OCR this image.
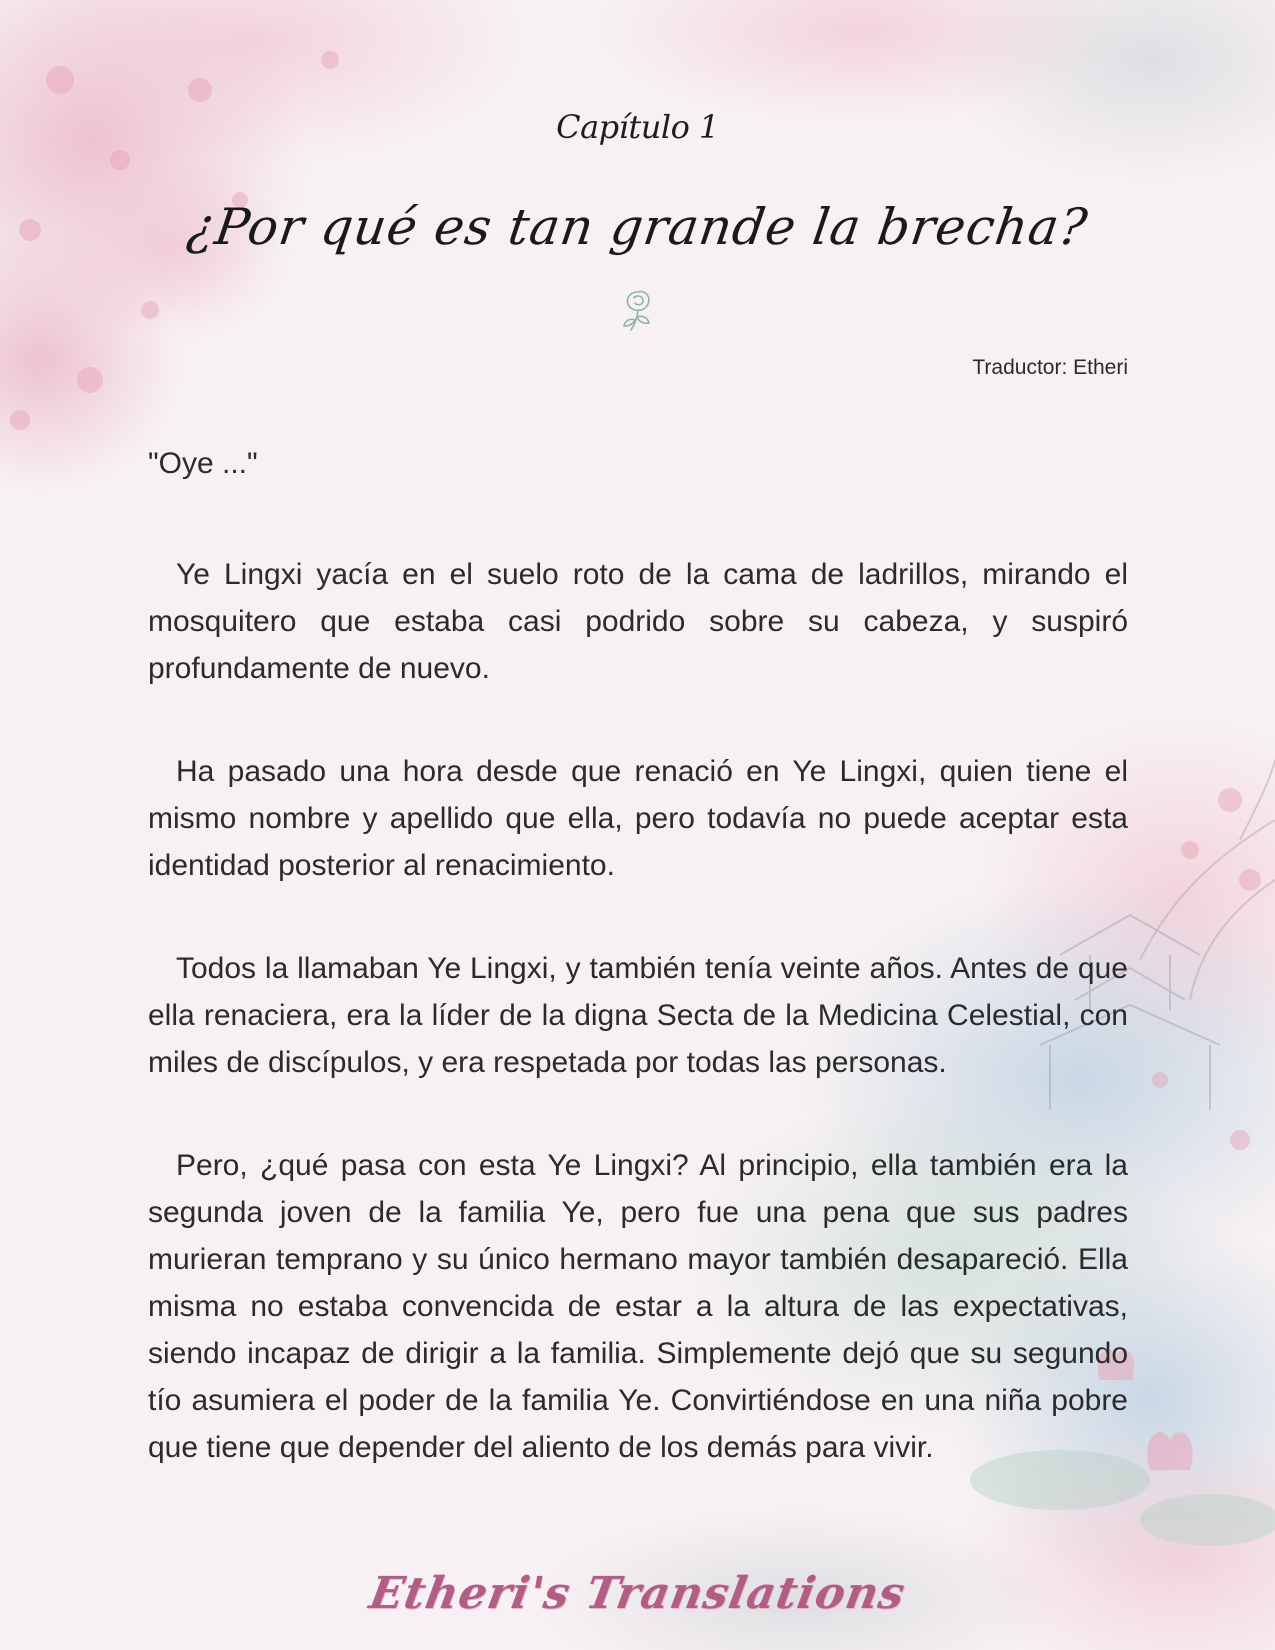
Capítulo 1
¿Por qué es tan grande la brecha?
Traductor: Etheri

"Oye ..."

Ye Lingxi yacía en el suelo roto de la cama de ladrillos, mirando el mosquitero que estaba casi podrido sobre su cabeza, y suspiró profundamente de nuevo.

Ha pasado una hora desde que renació en Ye Lingxi, quien tiene el mismo nombre y apellido que ella, pero todavía no puede aceptar esta identidad posterior al renacimiento.

Todos la llamaban Ye Lingxi, y también tenía veinte años. Antes de que ella renaciera, era la líder de la digna Secta de la Medicina Celestial, con miles de discípulos, y era respetada por todas las personas.

Pero, ¿qué pasa con esta Ye Lingxi? Al principio, ella también era la segunda joven de la familia Ye, pero fue una pena que sus padres murieran temprano y su único hermano mayor también desapareció. Ella misma no estaba convencida de estar a la altura de las expectativas, siendo incapaz de dirigir a la familia. Simplemente dejó que su segundo tío asumiera el poder de la familia Ye. Convirtiéndose en una niña pobre que tiene que depender del aliento de los demás para vivir.

Etheri's Translations
